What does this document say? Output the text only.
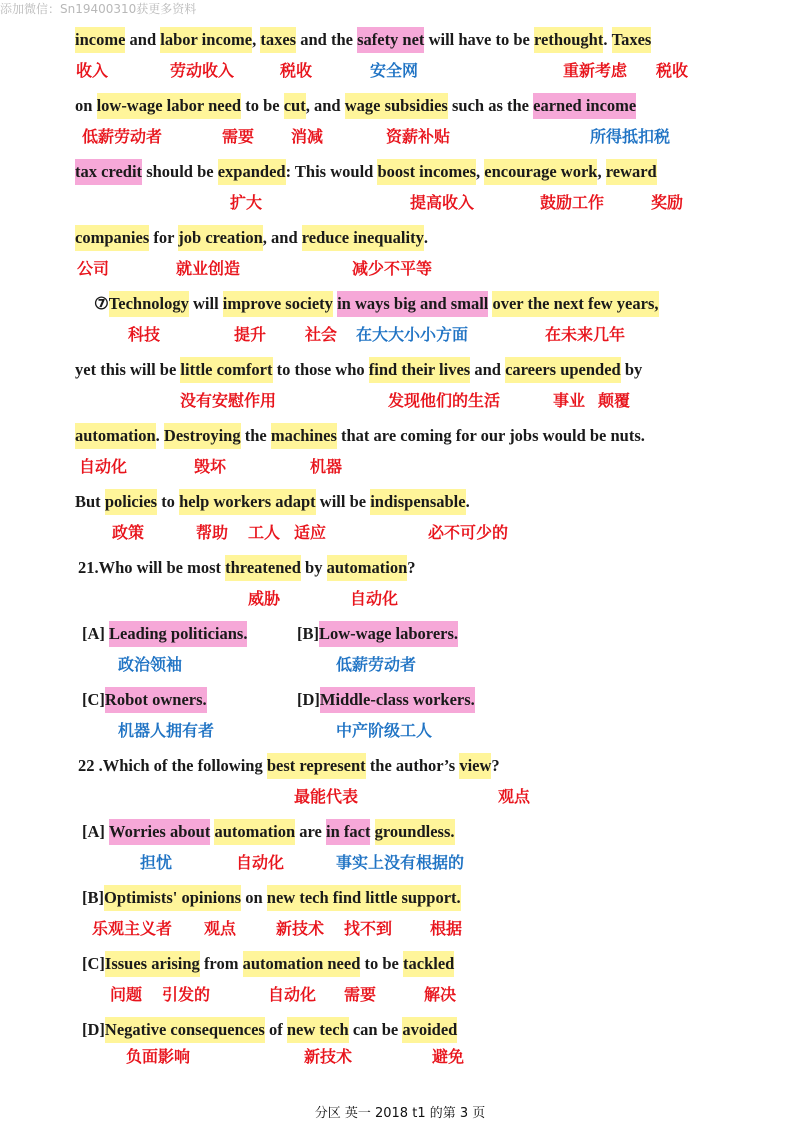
添加微信：Sn19400310获更多资料
income and labor income, taxes and the safety net will have to be rethought. Taxes
on low-wage labor need to be cut, and wage subsidies such as the earned income
tax credit should be expanded: This would boost incomes, encourage work, reward
companies for job creation, and reduce inequality.
⑦Technology will improve society in ways big and small over the next few years,
yet this will be little comfort to those who find their lives and careers upended by
automation. Destroying the machines that are coming for our jobs would be nuts.
But policies to help workers adapt will be indispensable.
21.Who will be most threatened by automation?
[A] Leading politicians.	[B]Low-wage laborers.
[C]Robot owners.	[D]Middle-class workers.
22 .Which of the following best represent the author’s view?
[A] Worries about automation are in fact groundless.
[B]Optimists' opinions on new tech find little support.
[C]Issues arising from automation need to be tackled
[D]Negative consequences of new tech can be avoided
收入	劳动收入	税收	安全网	重新考虑 税收
低薪劳动者	需要 消减	资薪补贴	所得抵扣税
扩大	提高收入	鼓励工作	奖励
公司	就业创造	减少不平等
科技	提升 社会 在大大小小方面	在未来几年
没有安慰作用	发现他们的生活	事业 颠覆
自动化	毁坏	机器
政策	帮助 工人 适应	必不可少的
威胁	自动化
政治领袖	低薪劳动者
机器人拥有者	中产阶级工人
最能代表	观点
担忧	自动化	事实上没有根据的
乐观主义者 观点 新技术 找不到 根据
问题 引发的	自动化 需要	解决
负面影响	新技术	避免
分区 英一 2018 t1 的第 3 页
